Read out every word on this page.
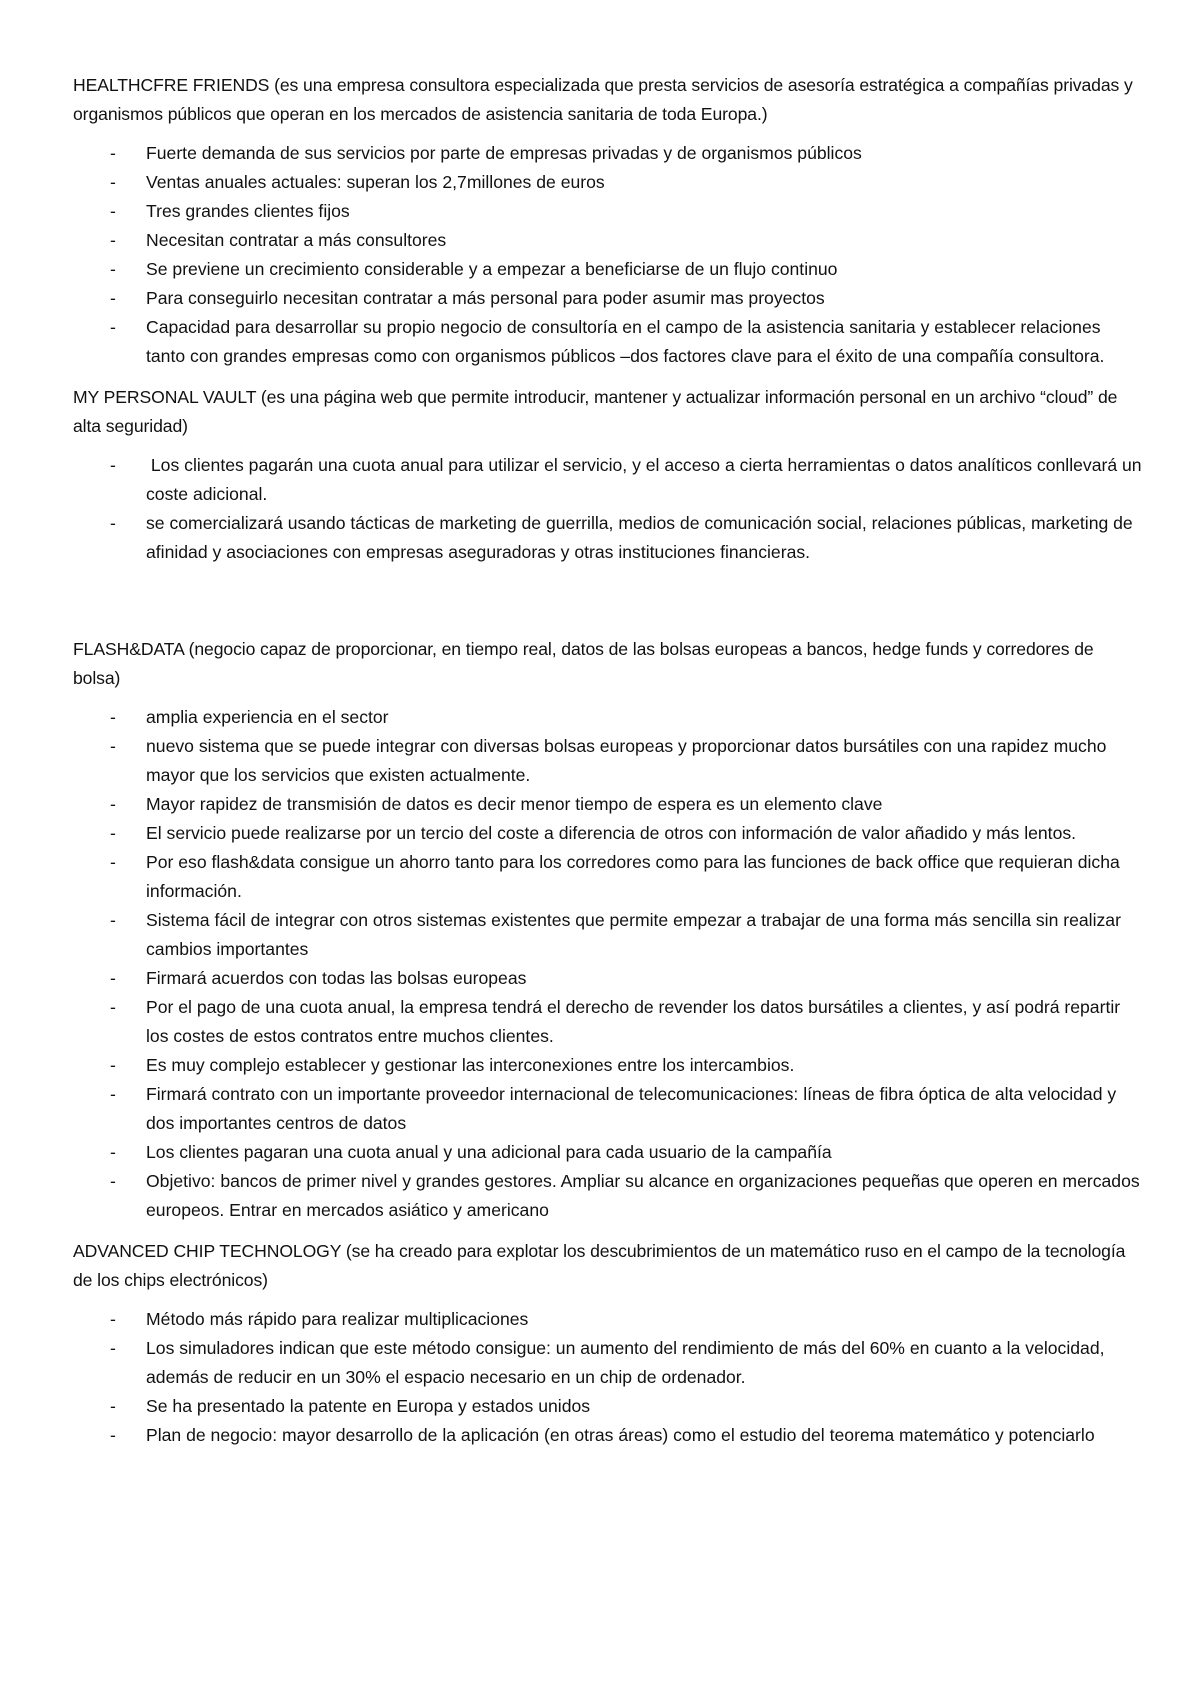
HEALTHCFRE FRIENDS (es una empresa consultora especializada que presta servicios de asesoría estratégica a compañías privadas y organismos públicos que operan en los mercados de asistencia sanitaria de toda Europa.)

- Fuerte demanda de sus servicios por parte de empresas privadas y de organismos públicos
- Ventas anuales actuales: superan los 2,7millones de euros
- Tres grandes clientes fijos
- Necesitan contratar a más consultores
- Se previene un crecimiento considerable y a empezar a beneficiarse de un flujo continuo
- Para conseguirlo necesitan contratar a más personal para poder asumir mas proyectos
- Capacidad para desarrollar su propio negocio de consultoría en el campo de la asistencia sanitaria y establecer relaciones tanto con grandes empresas como con organismos públicos –dos factores clave para el éxito de una compañía consultora.

MY PERSONAL VAULT (es una página web que permite introducir, mantener y actualizar información personal en un archivo “cloud” de alta seguridad)

- Los clientes pagarán una cuota anual para utilizar el servicio, y el acceso a cierta herramientas o datos analíticos conllevará un coste adicional.
- se comercializará usando tácticas de marketing de guerrilla, medios de comunicación social, relaciones públicas, marketing de afinidad y asociaciones con empresas aseguradoras y otras instituciones financieras.

FLASH&DATA (negocio capaz de proporcionar, en tiempo real, datos de las bolsas europeas a bancos, hedge funds y corredores de bolsa)

- amplia experiencia en el sector
- nuevo sistema que se puede integrar con diversas bolsas europeas y proporcionar datos bursátiles con una rapidez mucho mayor que los servicios que existen actualmente.
- Mayor rapidez de transmisión de datos es decir menor tiempo de espera es un elemento clave
- El servicio puede realizarse por un tercio del coste a diferencia de otros con información de valor añadido y más lentos.
- Por eso flash&data consigue un ahorro tanto para los corredores como para las funciones de back office que requieran dicha información.
- Sistema fácil de integrar con otros sistemas existentes que permite empezar a trabajar de una forma más sencilla sin realizar cambios importantes
- Firmará acuerdos con todas las bolsas europeas
- Por el pago de una cuota anual, la empresa tendrá el derecho de revender los datos bursátiles a clientes, y así podrá repartir los costes de estos contratos entre muchos clientes.
- Es muy complejo establecer y gestionar las interconexiones entre los intercambios.
- Firmará contrato con un importante proveedor internacional de telecomunicaciones: líneas de fibra óptica de alta velocidad y dos importantes centros de datos
- Los clientes pagaran una cuota anual y una adicional para cada usuario de la campañía
- Objetivo: bancos de primer nivel y grandes gestores. Ampliar su alcance en organizaciones pequeñas que operen en mercados europeos. Entrar en mercados asiático y americano

ADVANCED CHIP TECHNOLOGY (se ha creado para explotar los descubrimientos de un matemático ruso en el campo de la tecnología de los chips electrónicos)

- Método más rápido para realizar multiplicaciones
- Los simuladores indican que este método consigue: un aumento del rendimiento de más del 60% en cuanto a la velocidad, además de reducir en un 30% el espacio necesario en un chip de ordenador.
- Se ha presentado la patente en Europa y estados unidos
- Plan de negocio: mayor desarrollo de la aplicación (en otras áreas) como el estudio del teorema matemático y potenciarlo
